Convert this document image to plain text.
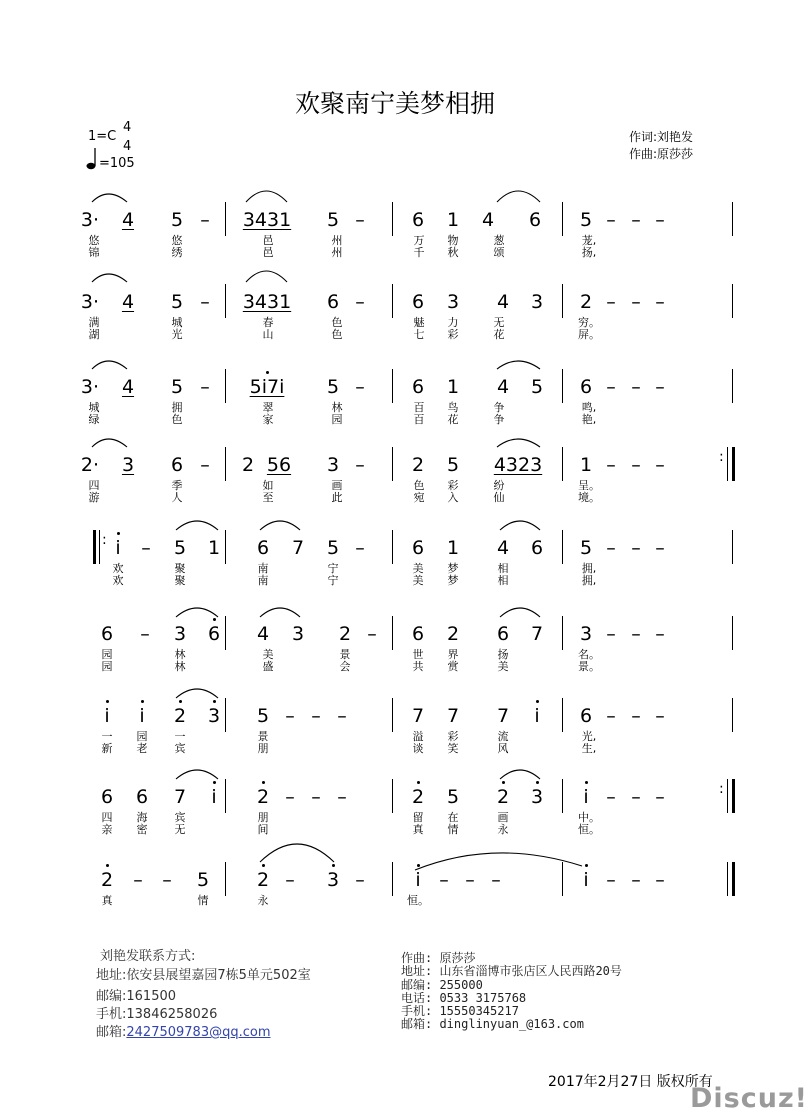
欢聚南宁美梦相拥
1=C
4
4
=105
作词:刘艳发
作曲:原莎莎
3· 4 5 – 3431 5 – 6 1 4 6 5 – – –
悠	悠	邑	州	万 物	葱	茏,
锦	绣	邑	州	千 秋	颂	扬,
3· 4 5 – 3431 6 – 6 3 4 3 2 – – –
满	城	春	色	魅 力	无	穷。
湖	光	山	色	七 彩	花	屏。
3· 4 5 – 5i7i 5 – 6 1 4 5 6 – – –
城	拥	翠	林	百 鸟	争	鸣,
绿	色	家	园	百 花	争	艳,
2· 3 6 – 2 56 3 – 2 5 4323 1 – – –
四	季	如	画	色 彩	纷	呈。
游	人	至	此	宛 入	仙	境。
:
i – 5 1 6 7 5 – 6 1 4 6 5 – – –
欢	聚	南	宁	美 梦	相	拥,
欢	聚	南	宁	美 梦	相	拥,
:
6 – 3 6 4 3 2 – 6 2 6 7 3 – – –
园	林	美	景	世 界	扬	名。
园	林	盛	会	共 赏	美	景。
i i 2 3 5 – – –	7 7 7 i 6 – – –
一 园 一	景	溢 彩	流	光,
新 老 宾	朋	谈 笑	风	生,
6 6 7 i 2 – – –	2 5 2 3 i – – –
四 海 宾	朋	留 在	画	中。
亲 密 无	间	真 情	永	恒。
:
2 – – 5	2 – 3 –	i – – –	i – – –
真	情	永	恒。
刘艳发联系方式:
地址:依安县展望嘉园7栋5单元502室
邮编:161500
手机:13846258026
邮箱:2427509783@qq.com
作曲: 原莎莎
地址: 山东省淄博市张店区人民西路20号
邮编: 255000
电话: 0533 3175768
手机: 15550345217
邮箱: dinglinyuan_@163.com
2017年2月27日 版权所有
Discuz!
